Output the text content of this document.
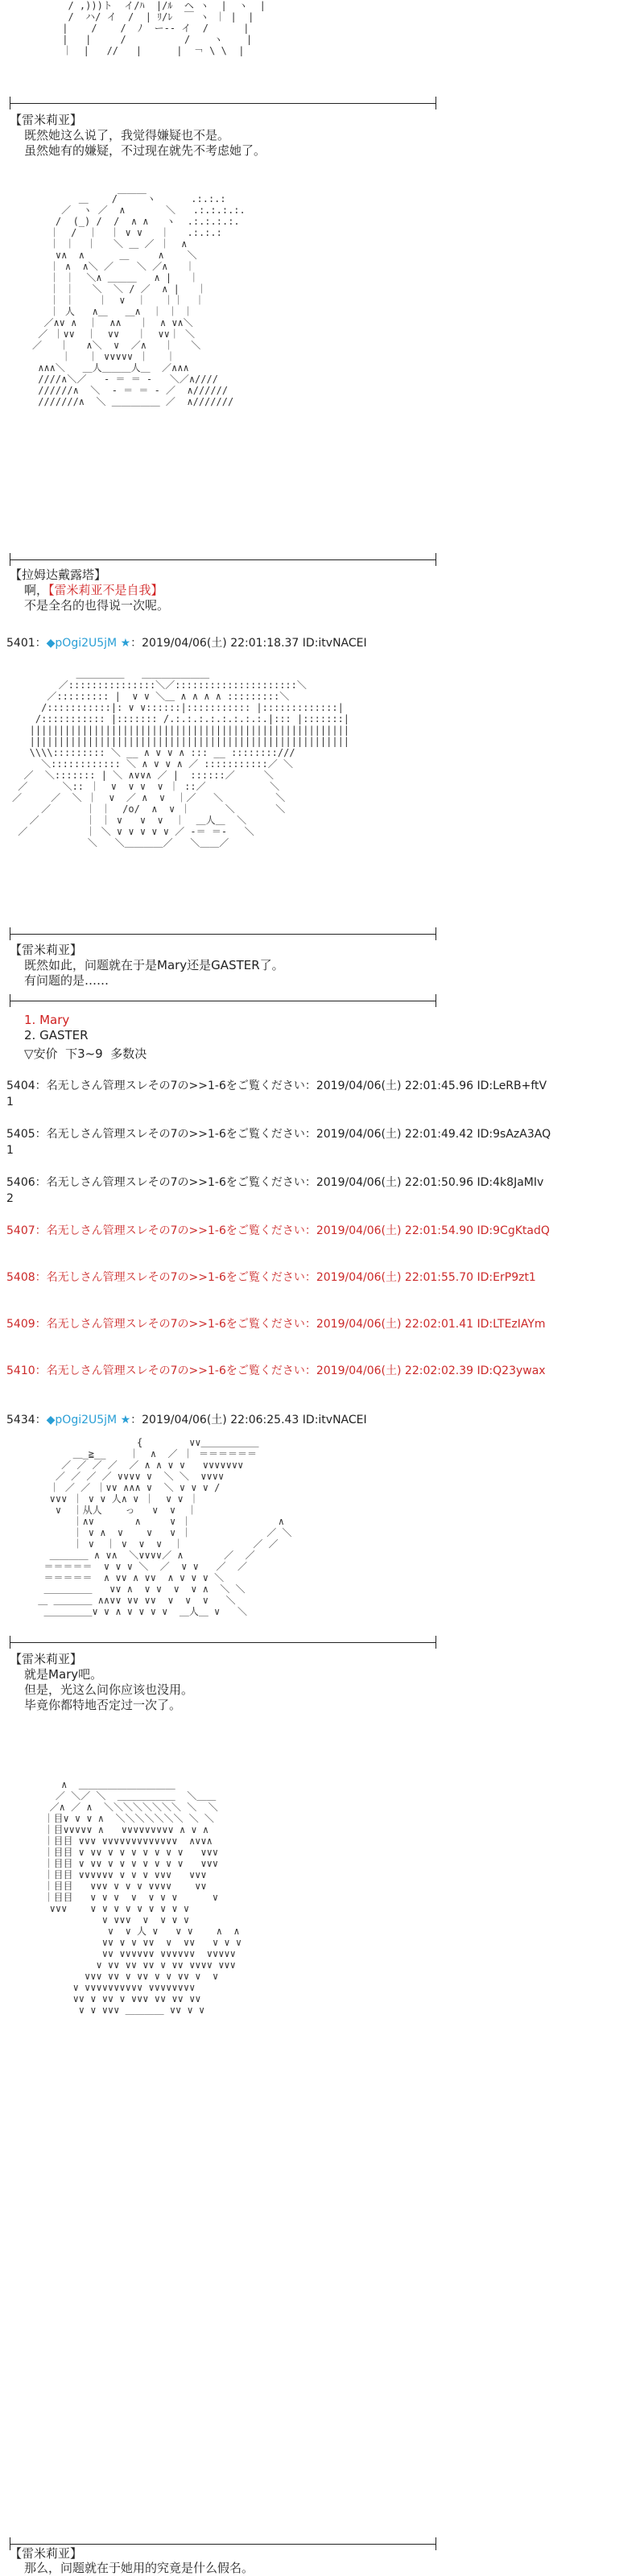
/ ,)))ト  イ/ﾊ  |/ﾙ  ヘ ヽ  |  ヽ  |
/  ハ/ イ  /  | ﾘ/ﾚ  ￣ ヽ ｜ |  |
|    /    /  ﾉ  ー-- イ  /      |
|   |     /          /    ヽ    |
｜  |   //   |      |  ￢ \ \  |
【雷米莉亚】
既然她这么说了，我觉得嫌疑也不是。
虽然她有的嫌疑，不过现在就先不考虑她了。
＿    /￣￣￣ヽ      .:.:.:
／  ヽ ／  ∧       ＼   .:.:.:.:.
/  (_) /  /  ∧ ∧   ヽ  .:.:.:.:.
｜  /  ｜  ｜ ∨ ∨   ｜   .:.:.:
｜ ｜  ｜   ＼ ＿ ／ ｜  ∧
∨∧  ∧      ＿     ∧    ＼
｜ ∧  ∧＼ ／    ＼ ／∧   ｜
｜ ｜  ＼∧ ＿＿＿   ∧ |   ｜
｜ ｜   ＼  ＼ / ／  ∧ |   ｜
｜ ｜    ｜  ∨  ｜   ｜｜  ｜
｜ 人   ∧＿   ＿∧  ｜ ｜ ｜
／∧∨ ∧  ｜  ∧∧   ｜  ∧ ∨∧＼
／ ｜∨∨  ｜  ∨∨   ｜  ∨∨｜ ＼
／   ｜   ∧＼  ∨  ／∧   ｜   ＼
｜   ｜ ∨∨∨∨∨ ｜   ｜
∧∧∧＼   ＿人＿＿＿人＿  ／∧∧∧
////∧＼／   ‐ ＝ ＝ ‐   ＼／∧////
//////∧  ＼  ‐ ＝ ＝ ‐ ／  ∧//////
///////∧  ＼ ＿＿＿＿＿ ／  ∧///////
【拉姆达戴露塔】
啊，【雷米莉亚不是自我】
不是全名的也得说一次呢。
5401：◆pOgi2U5jM ★：2019/04/06(土) 22:01:18.37 ID:itvNACEI
＿＿＿＿＿   ＿＿＿＿＿＿＿
／:::::::::::::::＼／:::::::::::::::::::::＼
／::::::::: |  ∨ ∨ ＼＿ ∧ ∧ ∧ ∧ :::::::::＼
/:::::::::::|: ∨ ∨::::::|::::::::::: |:::::::::::::|
/::::::::::: |::::::: /.:.:.:.:.:.:.:.:.|::: |:::::::|
|||||||||||||||||||||||||||||||||||||||||||||||||||||||
|||||||||||||||||||||||||||||||||||||||||||||||||||||||
\\\\::::::::: ＼ __ ∧ ∨ ∨ ∧ ::: __ ::::::::///
＼:::::::::::: ＼ ∧ ∨ ∨ ∧ ／ :::::::::::／ ＼
／  ＼::::::: | ＼ ∧∨∨∧ ／ |  ::::::／     ＼
／      ＼:: ｜  ∨  ∨ ∨  ∨ ｜ ::／           ＼
／     ／  ＼ ｜  ∨  ／ ∧  ∨  ｜／   ＼         ＼
／      ｜ ｜  /o/  ∧  ∨ ｜      ＼       ＼
／        ｜ ｜ ∨   ∨  ∨  ｜  ＿人＿  ＼
／          ｜ ＼ ∨ ∨ ∨ ∨ ∨ ／ ‐＝ ＝‐   ＼
＼   ＼＿＿＿＿／   ＼＿＿／
【雷米莉亚】
既然如此，问题就在于是Mary还是GASTER了。
有问题的是……
1. Mary
2. GASTER
▽安价  下3~9  多数决
5404：名无しさん管理スレその7の>>1-6をご覧ください：2019/04/06(土) 22:01:45.96 ID:LeRB+ftV
1
5405：名无しさん管理スレその7の>>1-6をご覧ください：2019/04/06(土) 22:01:49.42 ID:9sAzA3AQ
1
5406：名无しさん管理スレその7の>>1-6をご覧ください：2019/04/06(土) 22:01:50.96 ID:4k8JaMIv
2
5407：名无しさん管理スレその7の>>1-6をご覧ください：2019/04/06(土) 22:01:54.90 ID:9CgKtadQ
5408：名无しさん管理スレその7の>>1-6をご覧ください：2019/04/06(土) 22:01:55.70 ID:ErP9zt1
5409：名无しさん管理スレその7の>>1-6をご覧ください：2019/04/06(土) 22:02:01.41 ID:LTEzIAYm
5410：名无しさん管理スレその7の>>1-6をご覧ください：2019/04/06(土) 22:02:02.39 ID:Q23ywax
5434：◆pOgi2U5jM ★：2019/04/06(土) 22:06:25.43 ID:itvNACEI
{        ∨∨＿＿＿＿＿＿
＿_≧__    ｜  ∧  ／ ｜ ＝＝＝＝＝＝
／ ／ ／ ／  ／ ∧ ∧ ∨ ∨   ∨∨∨∨∨∨∨
／ ／ ／ ／ ∨∨∨∨ ∨  ＼ ＼  ∨∨∨∨
｜ ／ ／ ｜∨∨ ∧∧∧ ∨  ＼ ∨ ∨ ∨ /
∨∨∨ ｜ ∨ ∨ 人∧ ∨ ｜  ∨ ∨ ｜
∨  ｜从人    っ   ∨  ∨  ｜
｜∧∨       ∧     ∨ ｜               ∧
｜ ∨ ∧  ∨    ∨   ∨ ｜             ／ ＼
｜ ∨  ｜ ∨  ∨  ∨  ｜            ／ ／
＿＿＿＿ ∧ ∨∧  ＼∨∨∨∨／ ∧       ／  ／
＝＝＝＝＝  ∨ ∨ ∨ ＼  ／  ∨ ∨   ／  ／
＝＝＝＝＝  ∧ ∨∨ ∧ ∨∨  ∧ ∨ ∨ ∨ ＼
＿＿＿＿＿   ∨∨ ∧  ∨ ∨  ∨  ∨ ∧  ＼ ＼
＿ ＿＿＿＿ ∧∧∨∨ ∨∨ ∨∨  ∨  ∨  ∨   ＼
＿＿＿＿＿∨ ∨ ∧ ∨ ∨ ∨ ∨  ＿人＿ ∨   ＼
【雷米莉亚】
就是Mary吧。
但是，光这么问你应该也没用。
毕竟你都特地否定过一次了。
∧  ＿＿＿＿＿＿＿＿＿＿
／ ＼／ ＼  ＿＿＿＿＿＿  ＼＿＿
／∧ ／ ∧  ＼＼＼＼＼＼＼＼ ＼  ＼
｜目∨ ∨ ∨ ∧  ＼＼＼＼＼＼＼ ＼ ＼
｜目∨∨∨∨∨ ∧   ∨∨∨∨∨∨∨∨∨ ∧ ∨ ∧
｜目目 ∨∨∨ ∨∨∨∨∨∨∨∨∨∨∨∨∨  ∧∨∨∧
｜目目 ∨ ∨∨ ∨ ∨ ∨ ∨ ∨ ∨ ∨   ∨∨∨
｜目目 ∨ ∨∨ ∨ ∨ ∨ ∨ ∨ ∨ ∨   ∨∨∨
｜目目 ∨∨∨∨∨∨ ∨ ∨ ∨ ∨∨∨   ∨∨∨
｜目目   ∨∨∨ ∨ ∨ ∨ ∨∨∨∨    ∨∨
｜目目   ∨ ∨ ∨  ∨  ∨ ∨ ∨      ∨
∨∨∨    ∨ ∨ ∨ ∨ ∨ ∨ ∨ ∨ ∨
∨ ∨∨∨  ∨  ∨ ∨ ∨
∨  ∨ 人 ∨   ∨ ∨    ∧  ∧
∨∨ ∨ ∨ ∨∨  ∨  ∨∨   ∨ ∨ ∨
∨∨ ∨∨∨∨∨∨ ∨∨∨∨∨∨  ∨∨∨∨∨
∨ ∨∨ ∨∨ ∨∨ ∨ ∨∨ ∨∨∨∨ ∨∨∨
∨∨∨ ∨∨ ∨ ∨∨ ∨ ∨ ∨∨ ∨  ∨
∨ ∨∨∨∨∨∨∨∨∨∨ ∨∨∨∨∨∨∨∨
∨∨ ∨ ∨∨ ∨ ∨∨∨ ∨∨ ∨∨ ∨∨
∨ ∨ ∨∨∨ ＿＿＿＿ ∨∨ ∨ ∨
【雷米莉亚】
那么，问题就在于她用的究竟是什么假名。
